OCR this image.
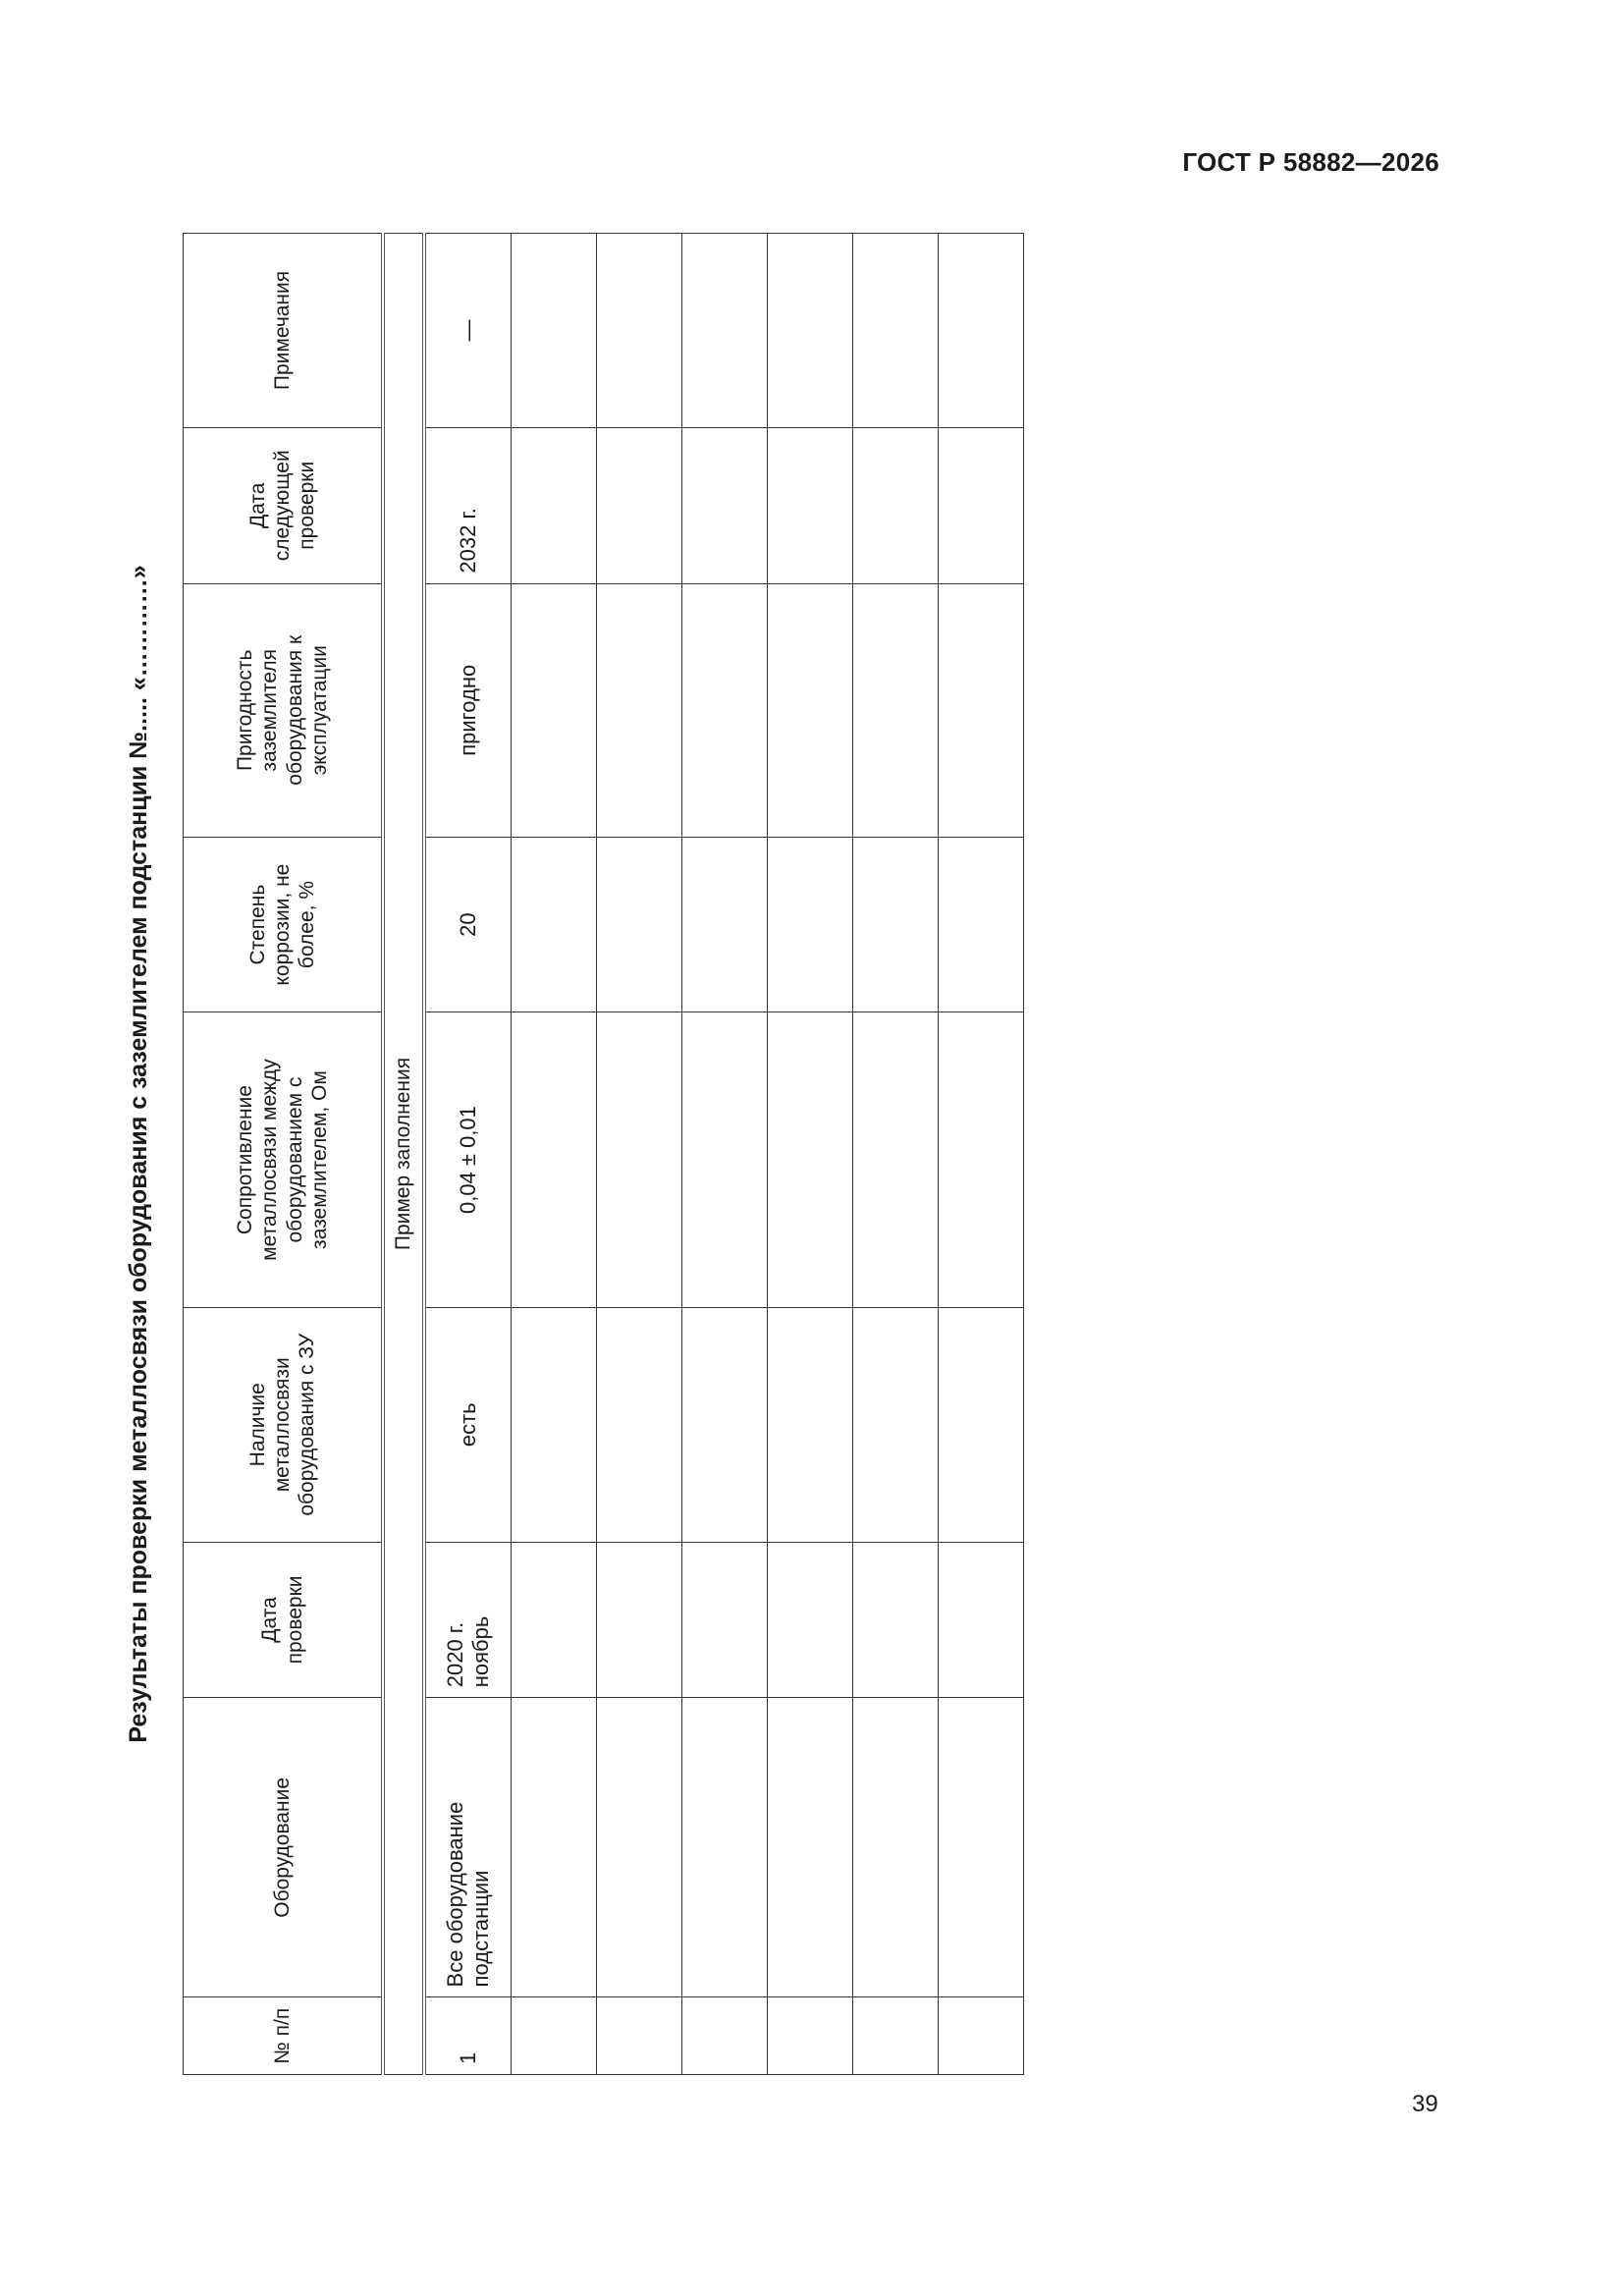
ГОСТ Р 58882—2026
Результаты проверки металлосвязи оборудования с заземлителем подстанции №..... «…………»
№ п/п	Оборудование	Дата проверки	Наличие металлосвязи оборудования с ЗУ	Сопротивление металлосвязи между оборудованием с заземлителем, Ом	Степень коррозии, не более, %	Пригодность заземлителя оборудования к эксплуатации	Дата следующей проверки	Примечания
Пример заполнения								
1	Все оборудование подстанции	2020 г. ноябрь	есть	0,04 ± 0,01	20	пригодно	2032 г.	—

39
